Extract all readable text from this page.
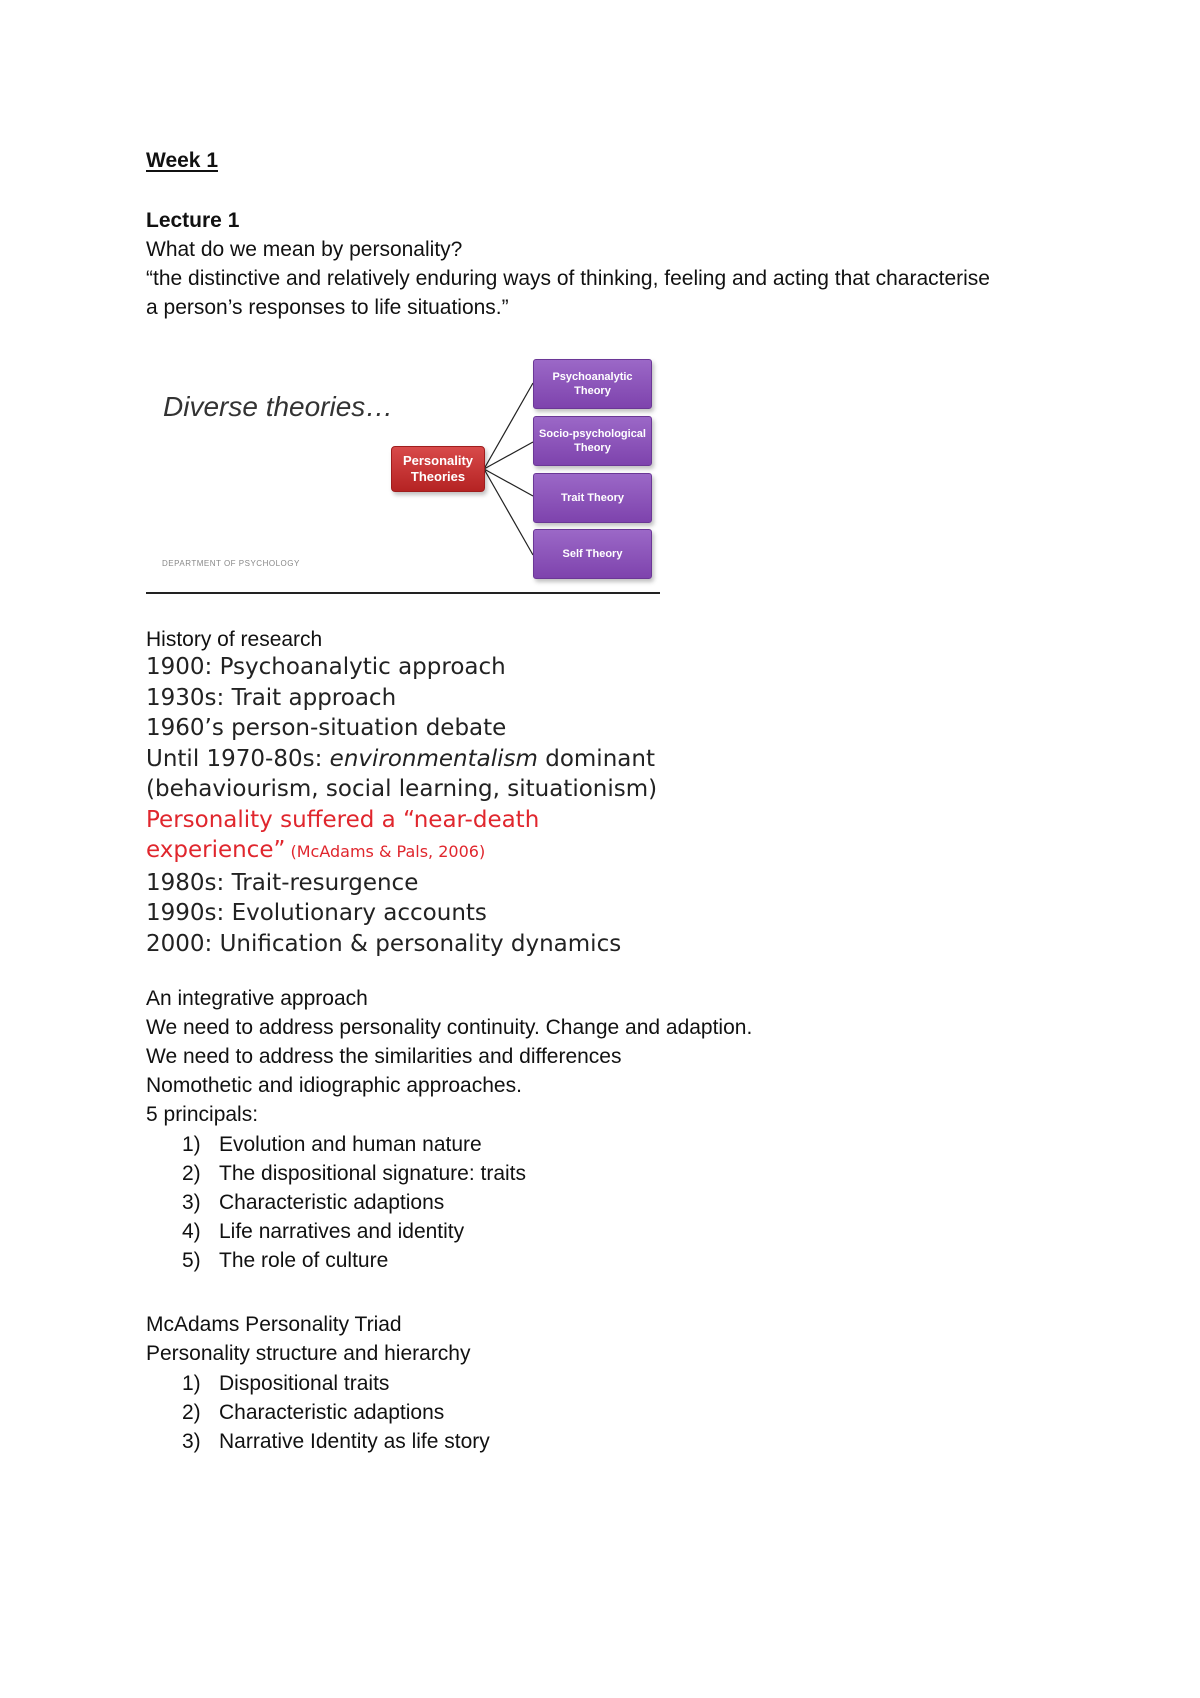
Week 1
Lecture 1
What do we mean by personality?
“the distinctive and relatively enduring ways of thinking, feeling and acting that characterise
a person’s responses to life situations.”
Diverse theories…
Personality Theories
Psychoanalytic Theory
Socio-psychological Theory
Trait Theory
Self Theory
DEPARTMENT OF PSYCHOLOGY
History of research
1900: Psychoanalytic approach
1930s: Trait approach
1960’s person-situation debate
Until 1970-80s: environmentalism dominant
(behaviourism, social learning, situationism)
Personality suffered a “near-death
experience” (McAdams & Pals, 2006)
1980s: Trait-resurgence
1990s: Evolutionary accounts
2000: Unification & personality dynamics
An integrative approach
We need to address personality continuity. Change and adaption.
We need to address the similarities and differences
Nomothetic and idiographic approaches.
5 principals:
1) Evolution and human nature
2) The dispositional signature: traits
3) Characteristic adaptions
4) Life narratives and identity
5) The role of culture
McAdams Personality Triad
Personality structure and hierarchy
1) Dispositional traits
2) Characteristic adaptions
3) Narrative Identity as life story
